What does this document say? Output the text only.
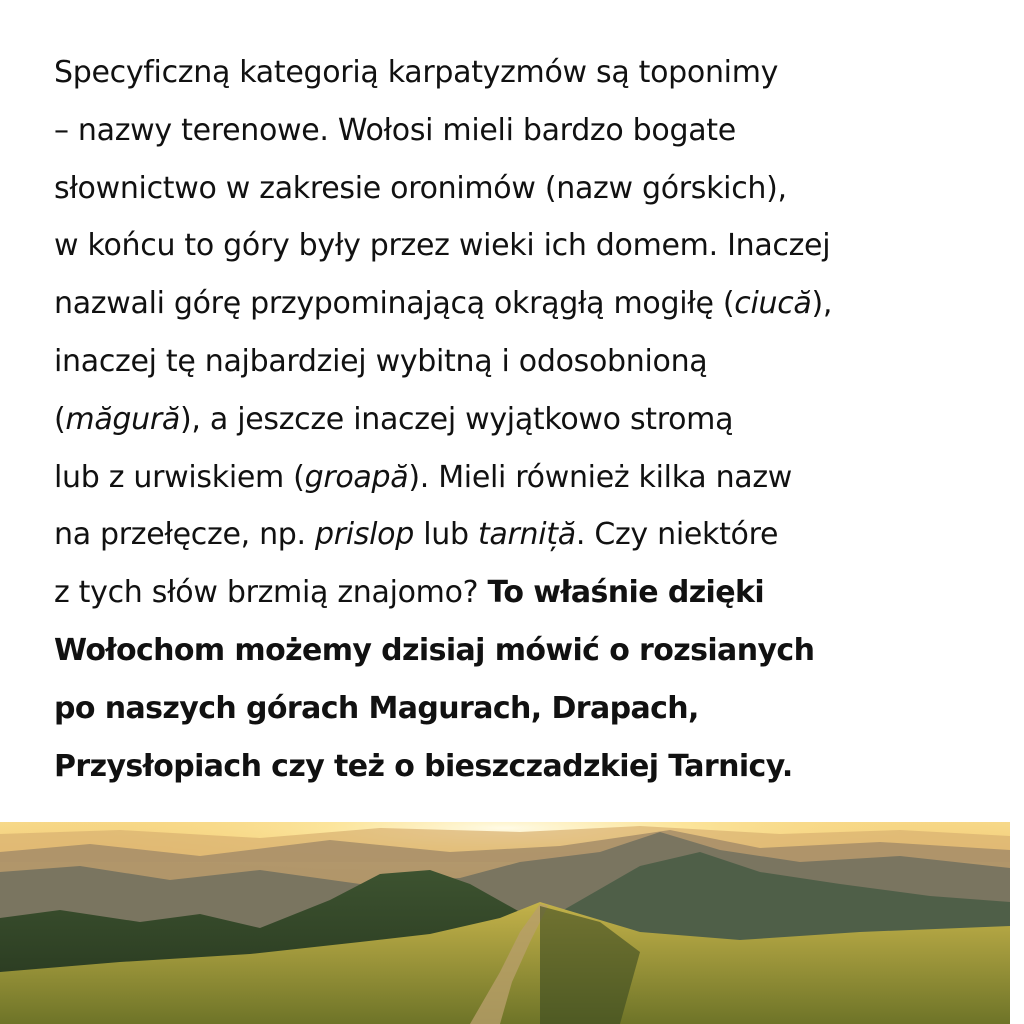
Specyficzną kategorią karpatyzmów są toponimy
– nazwy terenowe. Wołosi mieli bardzo bogate
słownictwo w zakresie oronimów (nazw górskich),
w końcu to góry były przez wieki ich domem. Inaczej
nazwali górę przypominającą okrągłą mogiłę (ciucă),
inaczej tę najbardziej wybitną i odosobnioną
(măgură), a jeszcze inaczej wyjątkowo stromą
lub z urwiskiem (groapă). Mieli również kilka nazw
na przełęcze, np. prislop lub tarniță. Czy niektóre
z tych słów brzmią znajomo? To właśnie dzięki
Wołochom możemy dzisiaj mówić o rozsianych
po naszych górach Magurach, Drapach,
Przysłopiach czy też o bieszczadzkiej Tarnicy.
